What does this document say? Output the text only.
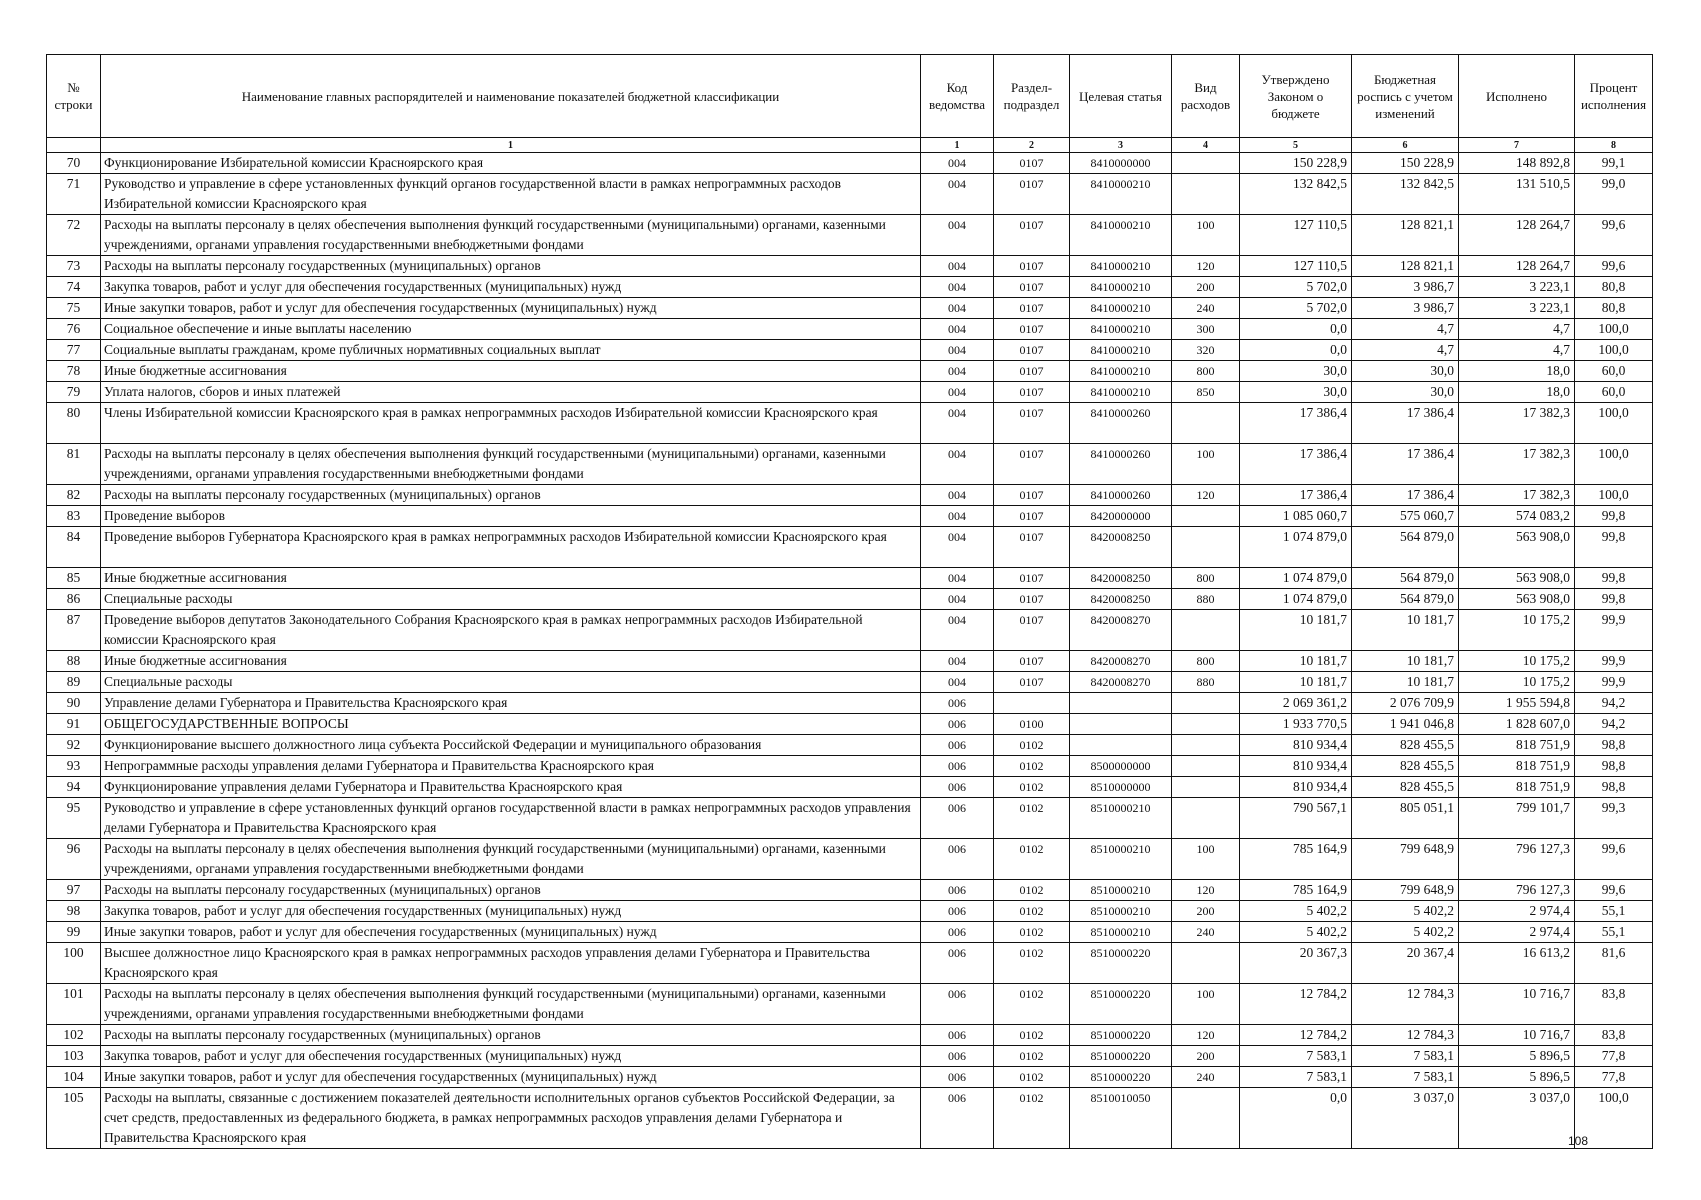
№ строки	Наименование главных распорядителей и наименование показателей бюджетной классификации	Код ведомства	Раздел-подраздел	Целевая статья	Вид расходов	Утверждено Законом о бюджете	Бюджетная роспись с учетом изменений	Исполнено	Процент исполнения
	1	1	2	3	4	5	6	7	8
70	Функционирование Избирательной комиссии Красноярского края	004	0107	8410000000		150 228,9	150 228,9	148 892,8	99,1
71	Руководство и управление в сфере установленных функций органов государственной власти в рамках непрограммных расходов Избирательной комиссии Красноярского края	004	0107	8410000210		132 842,5	132 842,5	131 510,5	99,0
72	Расходы на выплаты персоналу в целях обеспечения выполнения функций государственными (муниципальными) органами, казенными учреждениями, органами управления государственными внебюджетными фондами	004	0107	8410000210	100	127 110,5	128 821,1	128 264,7	99,6
73	Расходы на выплаты персоналу государственных (муниципальных) органов	004	0107	8410000210	120	127 110,5	128 821,1	128 264,7	99,6
74	Закупка товаров, работ и услуг для обеспечения государственных (муниципальных) нужд	004	0107	8410000210	200	5 702,0	3 986,7	3 223,1	80,8
75	Иные закупки товаров, работ и услуг для обеспечения государственных (муниципальных) нужд	004	0107	8410000210	240	5 702,0	3 986,7	3 223,1	80,8
76	Социальное обеспечение и иные выплаты населению	004	0107	8410000210	300	0,0	4,7	4,7	100,0
77	Социальные выплаты гражданам, кроме публичных нормативных социальных выплат	004	0107	8410000210	320	0,0	4,7	4,7	100,0
78	Иные бюджетные ассигнования	004	0107	8410000210	800	30,0	30,0	18,0	60,0
79	Уплата налогов, сборов и иных платежей	004	0107	8410000210	850	30,0	30,0	18,0	60,0
80	Члены Избирательной комиссии Красноярского края в рамках непрограммных расходов Избирательной комиссии Красноярского края	004	0107	8410000260		17 386,4	17 386,4	17 382,3	100,0
81	Расходы на выплаты персоналу в целях обеспечения выполнения функций государственными (муниципальными) органами, казенными учреждениями, органами управления государственными внебюджетными фондами	004	0107	8410000260	100	17 386,4	17 386,4	17 382,3	100,0
82	Расходы на выплаты персоналу государственных (муниципальных) органов	004	0107	8410000260	120	17 386,4	17 386,4	17 382,3	100,0
83	Проведение выборов	004	0107	8420000000		1 085 060,7	575 060,7	574 083,2	99,8
84	Проведение выборов Губернатора Красноярского края в рамках непрограммных расходов Избирательной комиссии Красноярского края	004	0107	8420008250		1 074 879,0	564 879,0	563 908,0	99,8
85	Иные бюджетные ассигнования	004	0107	8420008250	800	1 074 879,0	564 879,0	563 908,0	99,8
86	Специальные расходы	004	0107	8420008250	880	1 074 879,0	564 879,0	563 908,0	99,8
87	Проведение выборов депутатов Законодательного Собрания Красноярского края в рамках непрограммных расходов Избирательной комиссии Красноярского края	004	0107	8420008270		10 181,7	10 181,7	10 175,2	99,9
88	Иные бюджетные ассигнования	004	0107	8420008270	800	10 181,7	10 181,7	10 175,2	99,9
89	Специальные расходы	004	0107	8420008270	880	10 181,7	10 181,7	10 175,2	99,9
90	Управление делами Губернатора и Правительства Красноярского края	006				2 069 361,2	2 076 709,9	1 955 594,8	94,2
91	ОБЩЕГОСУДАРСТВЕННЫЕ ВОПРОСЫ	006	0100			1 933 770,5	1 941 046,8	1 828 607,0	94,2
92	Функционирование высшего должностного лица субъекта Российской Федерации и муниципального образования	006	0102			810 934,4	828 455,5	818 751,9	98,8
93	Непрограммные расходы управления делами Губернатора и Правительства Красноярского края	006	0102	8500000000		810 934,4	828 455,5	818 751,9	98,8
94	Функционирование управления делами Губернатора и Правительства Красноярского края	006	0102	8510000000		810 934,4	828 455,5	818 751,9	98,8
95	Руководство и управление в сфере установленных функций органов государственной власти в рамках непрограммных расходов управления делами Губернатора и Правительства Красноярского края	006	0102	8510000210		790 567,1	805 051,1	799 101,7	99,3
96	Расходы на выплаты персоналу в целях обеспечения выполнения функций государственными (муниципальными) органами, казенными учреждениями, органами управления государственными внебюджетными фондами	006	0102	8510000210	100	785 164,9	799 648,9	796 127,3	99,6
97	Расходы на выплаты персоналу государственных (муниципальных) органов	006	0102	8510000210	120	785 164,9	799 648,9	796 127,3	99,6
98	Закупка товаров, работ и услуг для обеспечения государственных (муниципальных) нужд	006	0102	8510000210	200	5 402,2	5 402,2	2 974,4	55,1
99	Иные закупки товаров, работ и услуг для обеспечения государственных (муниципальных) нужд	006	0102	8510000210	240	5 402,2	5 402,2	2 974,4	55,1
100	Высшее должностное лицо Красноярского края в рамках непрограммных расходов управления делами Губернатора и Правительства Красноярского края	006	0102	8510000220		20 367,3	20 367,4	16 613,2	81,6
101	Расходы на выплаты персоналу в целях обеспечения выполнения функций государственными (муниципальными) органами, казенными учреждениями, органами управления государственными внебюджетными фондами	006	0102	8510000220	100	12 784,2	12 784,3	10 716,7	83,8
102	Расходы на выплаты персоналу государственных (муниципальных) органов	006	0102	8510000220	120	12 784,2	12 784,3	10 716,7	83,8
103	Закупка товаров, работ и услуг для обеспечения государственных (муниципальных) нужд	006	0102	8510000220	200	7 583,1	7 583,1	5 896,5	77,8
104	Иные закупки товаров, работ и услуг для обеспечения государственных (муниципальных) нужд	006	0102	8510000220	240	7 583,1	7 583,1	5 896,5	77,8
105	Расходы на выплаты, связанные с достижением показателей деятельности исполнительных органов субъектов Российской Федерации, за счет средств, предоставленных из федерального бюджета, в рамках непрограммных расходов управления делами Губернатора и Правительства Красноярского края	006	0102	8510010050		0,0	3 037,0	3 037,0	100,0
108
